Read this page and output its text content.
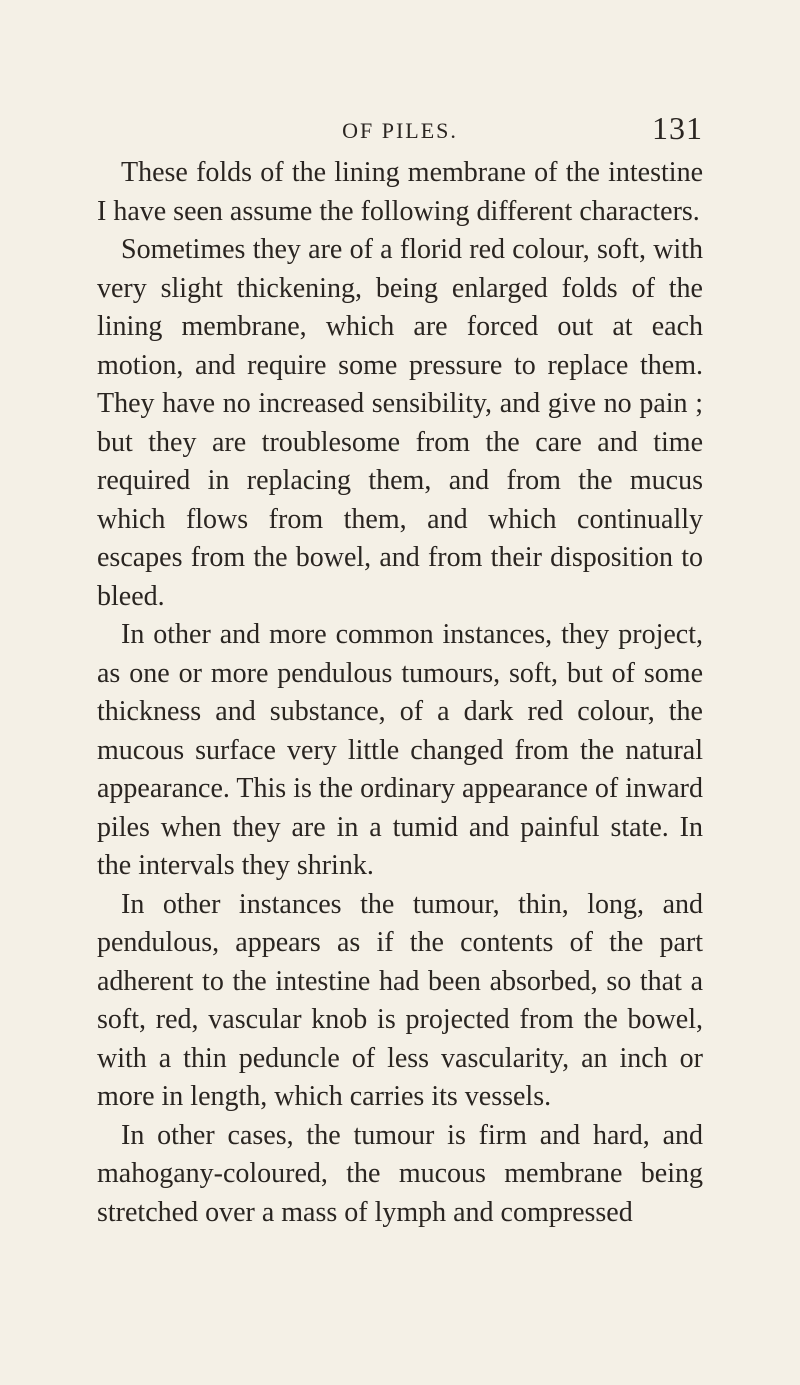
OF PILES.	131

These folds of the lining membrane of the intestine I have seen assume the following different characters.

Sometimes they are of a florid red colour, soft, with very slight thickening, being enlarged folds of the lining membrane, which are forced out at each motion, and require some pressure to replace them. They have no increased sensibility, and give no pain ; but they are troublesome from the care and time required in replacing them, and from the mucus which flows from them, and which continually escapes from the bowel, and from their disposition to bleed.

In other and more common instances, they project, as one or more pendulous tumours, soft, but of some thickness and substance, of a dark red colour, the mucous surface very little changed from the natural appearance. This is the ordinary appearance of inward piles when they are in a tumid and painful state. In the intervals they shrink.

In other instances the tumour, thin, long, and pendulous, appears as if the contents of the part adherent to the intestine had been absorbed, so that a soft, red, vascular knob is projected from the bowel, with a thin peduncle of less vascularity, an inch or more in length, which carries its vessels.

In other cases, the tumour is firm and hard, and mahogany-coloured, the mucous membrane being stretched over a mass of lymph and compressed
